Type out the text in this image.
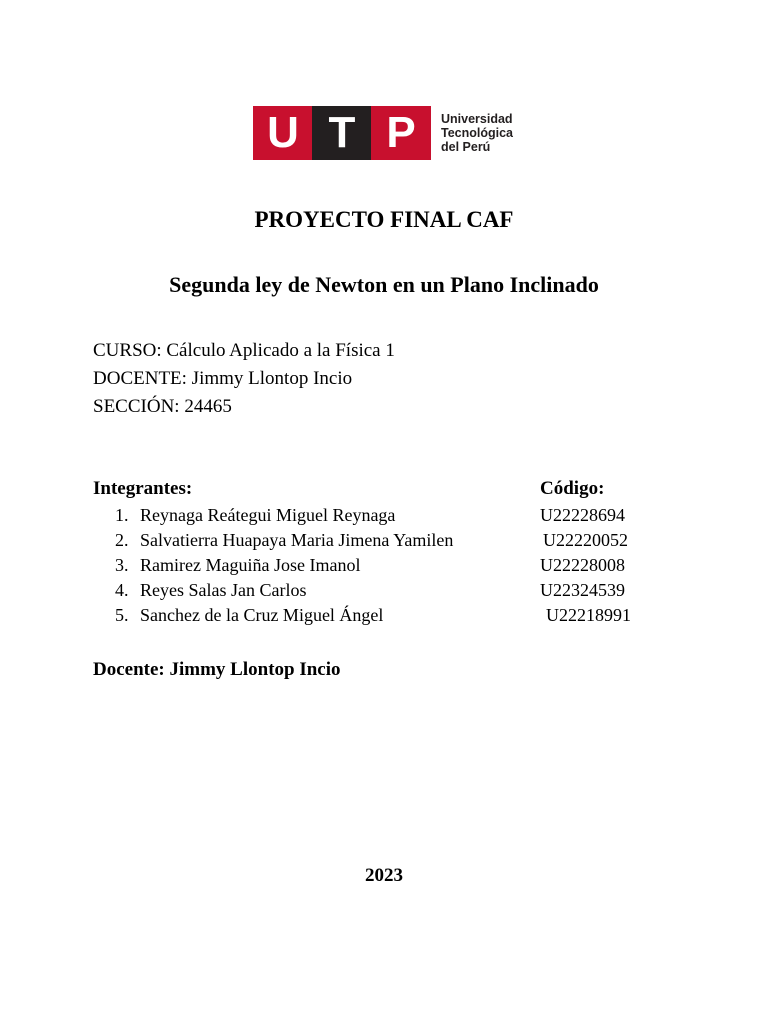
U T P	Universidad
Tecnológica
del Perú
PROYECTO FINAL CAF
Segunda ley de Newton en un Plano Inclinado
CURSO: Cálculo Aplicado a la Física 1
DOCENTE: Jimmy Llontop Incio
SECCIÓN: 24465
Integrantes:	Código:
1. Reynaga Reátegui Miguel Reynaga	U22228694
2. Salvatierra Huapaya Maria Jimena Yamilen	U22220052
3. Ramirez Maguiña Jose Imanol	U22228008
4. Reyes Salas Jan Carlos	U22324539
5. Sanchez de la Cruz Miguel Ángel	U22218991
Docente: Jimmy Llontop Incio
2023
